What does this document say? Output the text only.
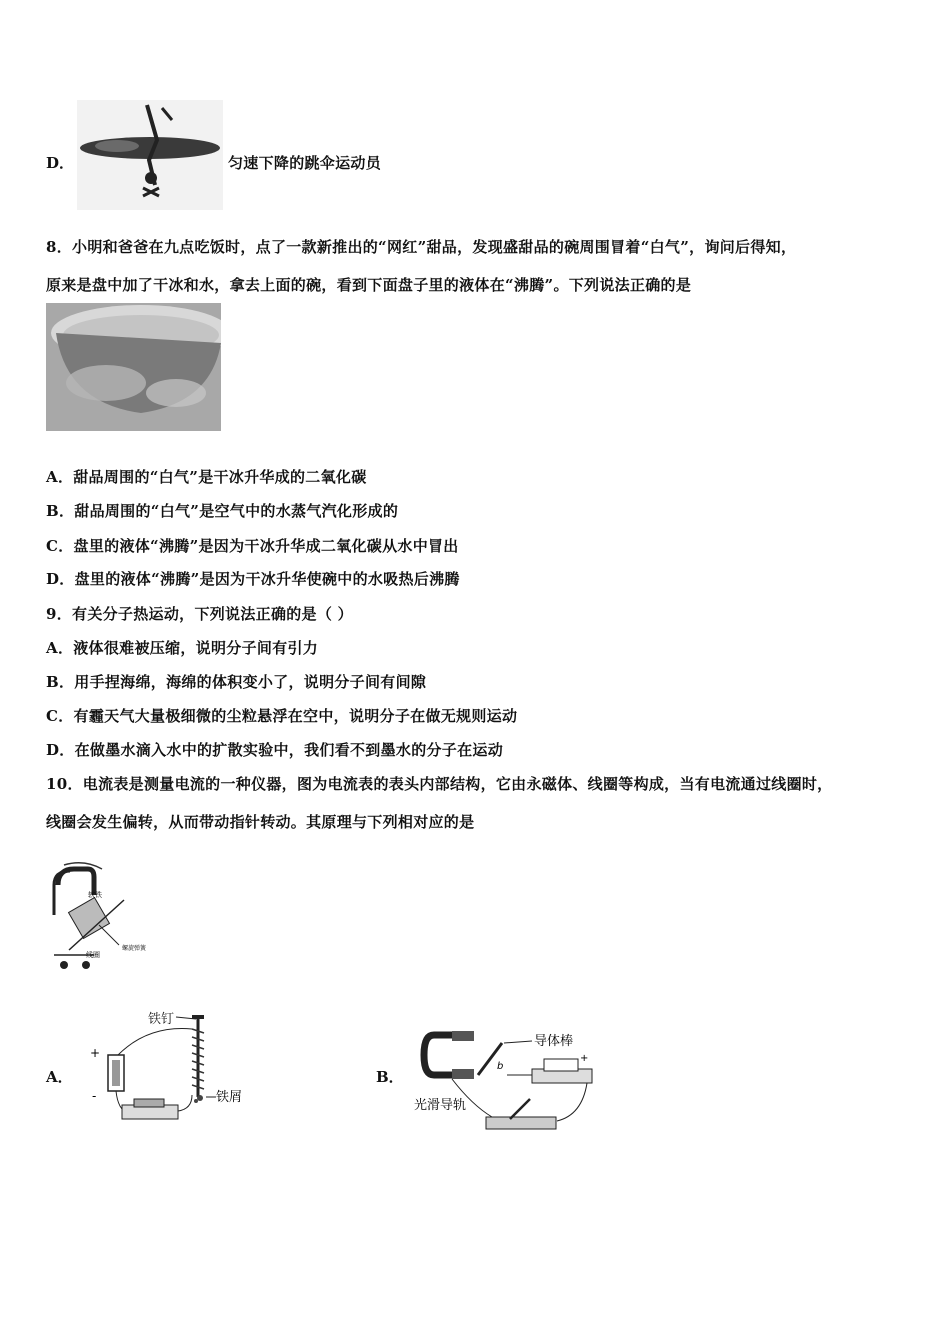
D．	匀速下降的跳伞运动员
8．小明和爸爸在九点吃饭时，点了一款新推出的“网红”甜品，发现盛甜品的碗周围冒着“白气”，询问后得知，
原来是盘中加了干冰和水，拿去上面的碗，看到下面盘子里的液体在“沸腾”。下列说法正确的是
A．甜品周围的“白气”是干冰升华成的二氧化碳
B．甜品周围的“白气”是空气中的水蒸气汽化形成的
C．盘里的液体“沸腾”是因为干冰升华成二氧化碳从水中冒出
D．盘里的液体“沸腾”是因为干冰升华使碗中的水吸热后沸腾
9．有关分子热运动，下列说法正确的是（ ）
A．液体很难被压缩，说明分子间有引力
B．用手捏海绵，海绵的体积变小了，说明分子间有间隙
C．有霾天气大量极细微的尘粒悬浮在空中，说明分子在做无规则运动
D．在做墨水滴入水中的扩散实验中，我们看不到墨水的分子在运动
10．电流表是测量电流的一种仪器，图为电流表的表头内部结构，它由永磁体、线圈等构成，当有电流通过线圈时，
线圈会发生偏转，从而带动指针转动。其原理与下列相对应的是
软铁
螺旋弹簧
线圈
A．
铁钉
+
-	铁屑
B．
b
导体棒
+
光滑导轨
